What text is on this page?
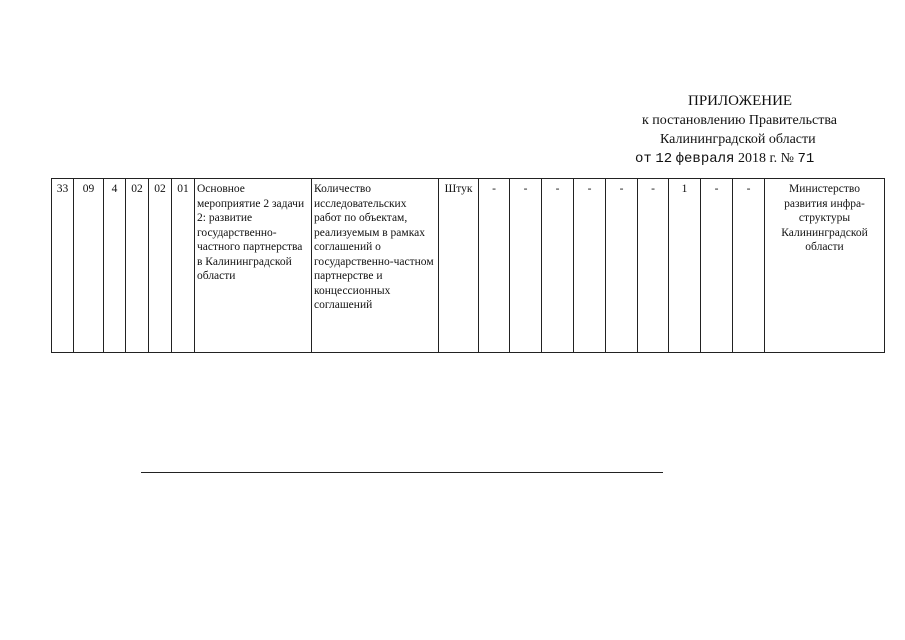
ПРИЛОЖЕНИЕ
к постановлению Правительства
Калининградской области
от 12 февраля 2018 г. № 71
33	09	4	02	02	01	Основное мероприятие 2 задачи 2: развитие государственно-частного партнерства в Калининградской области	Количество исследовательских работ по объектам, реализуемым в рамках соглашений о государственно-частном партнерстве и концессионных соглашений	Штук	-	-	-	-	-	-	1	-	-	Министерство развития инфра-структуры Калининградской области
